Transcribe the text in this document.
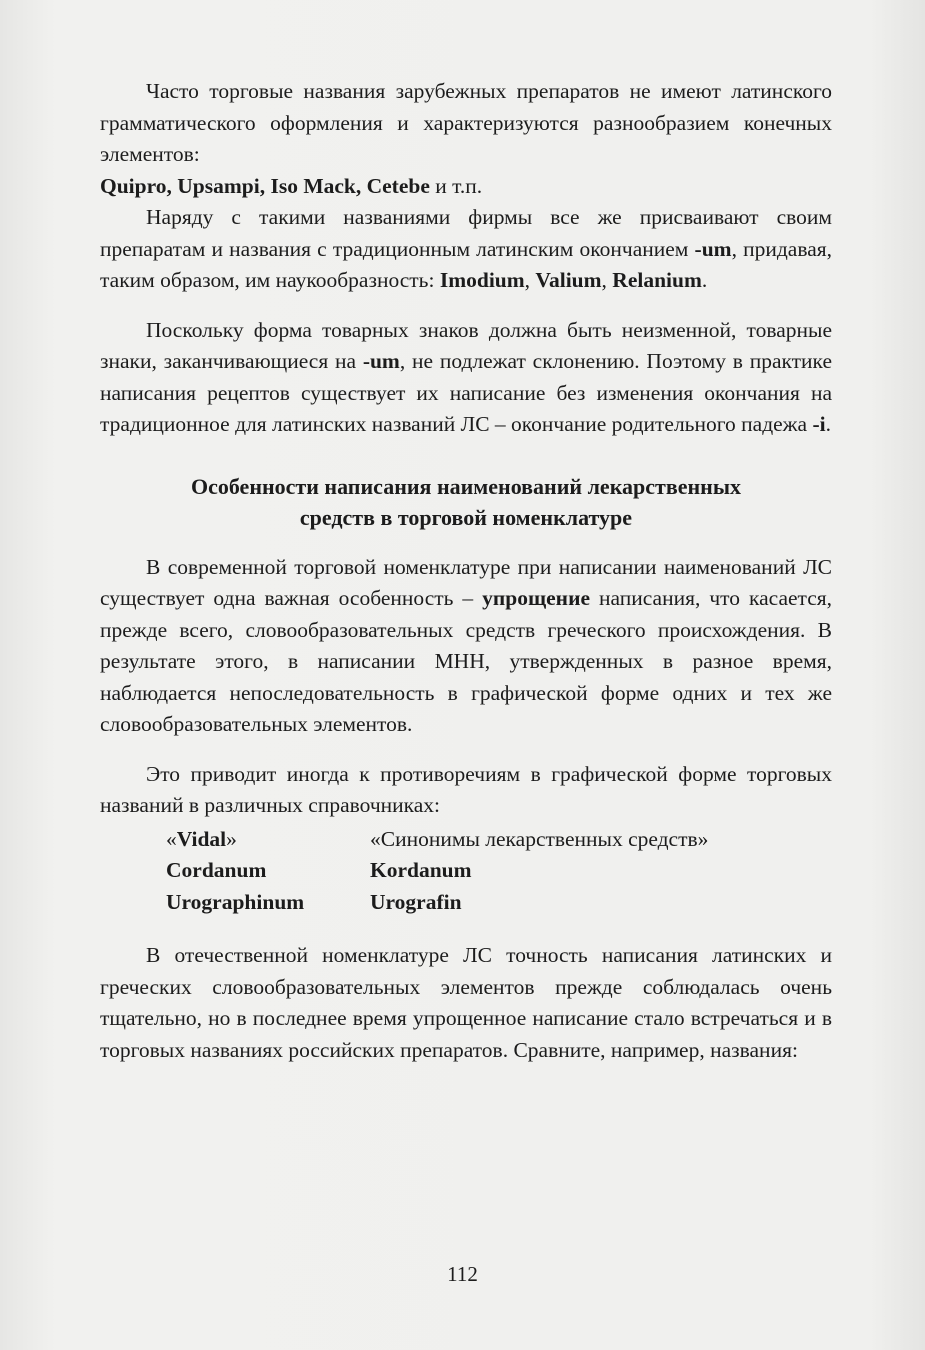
Часто торговые названия зарубежных препаратов не имеют латинского грамматического оформления и характеризуются разнообразием конечных элементов:

Quipro, Upsampi, Iso Mack, Cetebe и т.п.

Наряду с такими названиями фирмы все же присваивают своим препаратам и названия с традиционным латинским окончанием -um, придавая, таким образом, им наукообразность: Imodium, Valium, Relanium.

Поскольку форма товарных знаков должна быть неизменной, товарные знаки, заканчивающиеся на -um, не подлежат склонению. Поэтому в практике написания рецептов существует их написание без изменения окончания на традиционное для латинских названий ЛС – окончание родительного падежа -i.

Особенности написания наименований лекарственных
средств в торговой номенклатуре

В современной торговой номенклатуре при написании наименований ЛС существует одна важная особенность – упрощение написания, что касается, прежде всего, словообразовательных средств греческого происхождения. В результате этого, в написании МНН, утвержденных в разное время, наблюдается непоследовательность в графической форме одних и тех же словообразовательных элементов.

Это приводит иногда к противоречиям в графической форме торговых названий в различных справочниках:

«Vidal»	«Синонимы лекарственных средств»
Cordanum	Kordanum
Urographinum	Urografin

В отечественной номенклатуре ЛС точность написания латинских и греческих словообразовательных элементов прежде соблюдалась очень тщательно, но в последнее время упрощенное написание стало встречаться и в торговых названиях российских препаратов. Сравните, например, названия:

112
